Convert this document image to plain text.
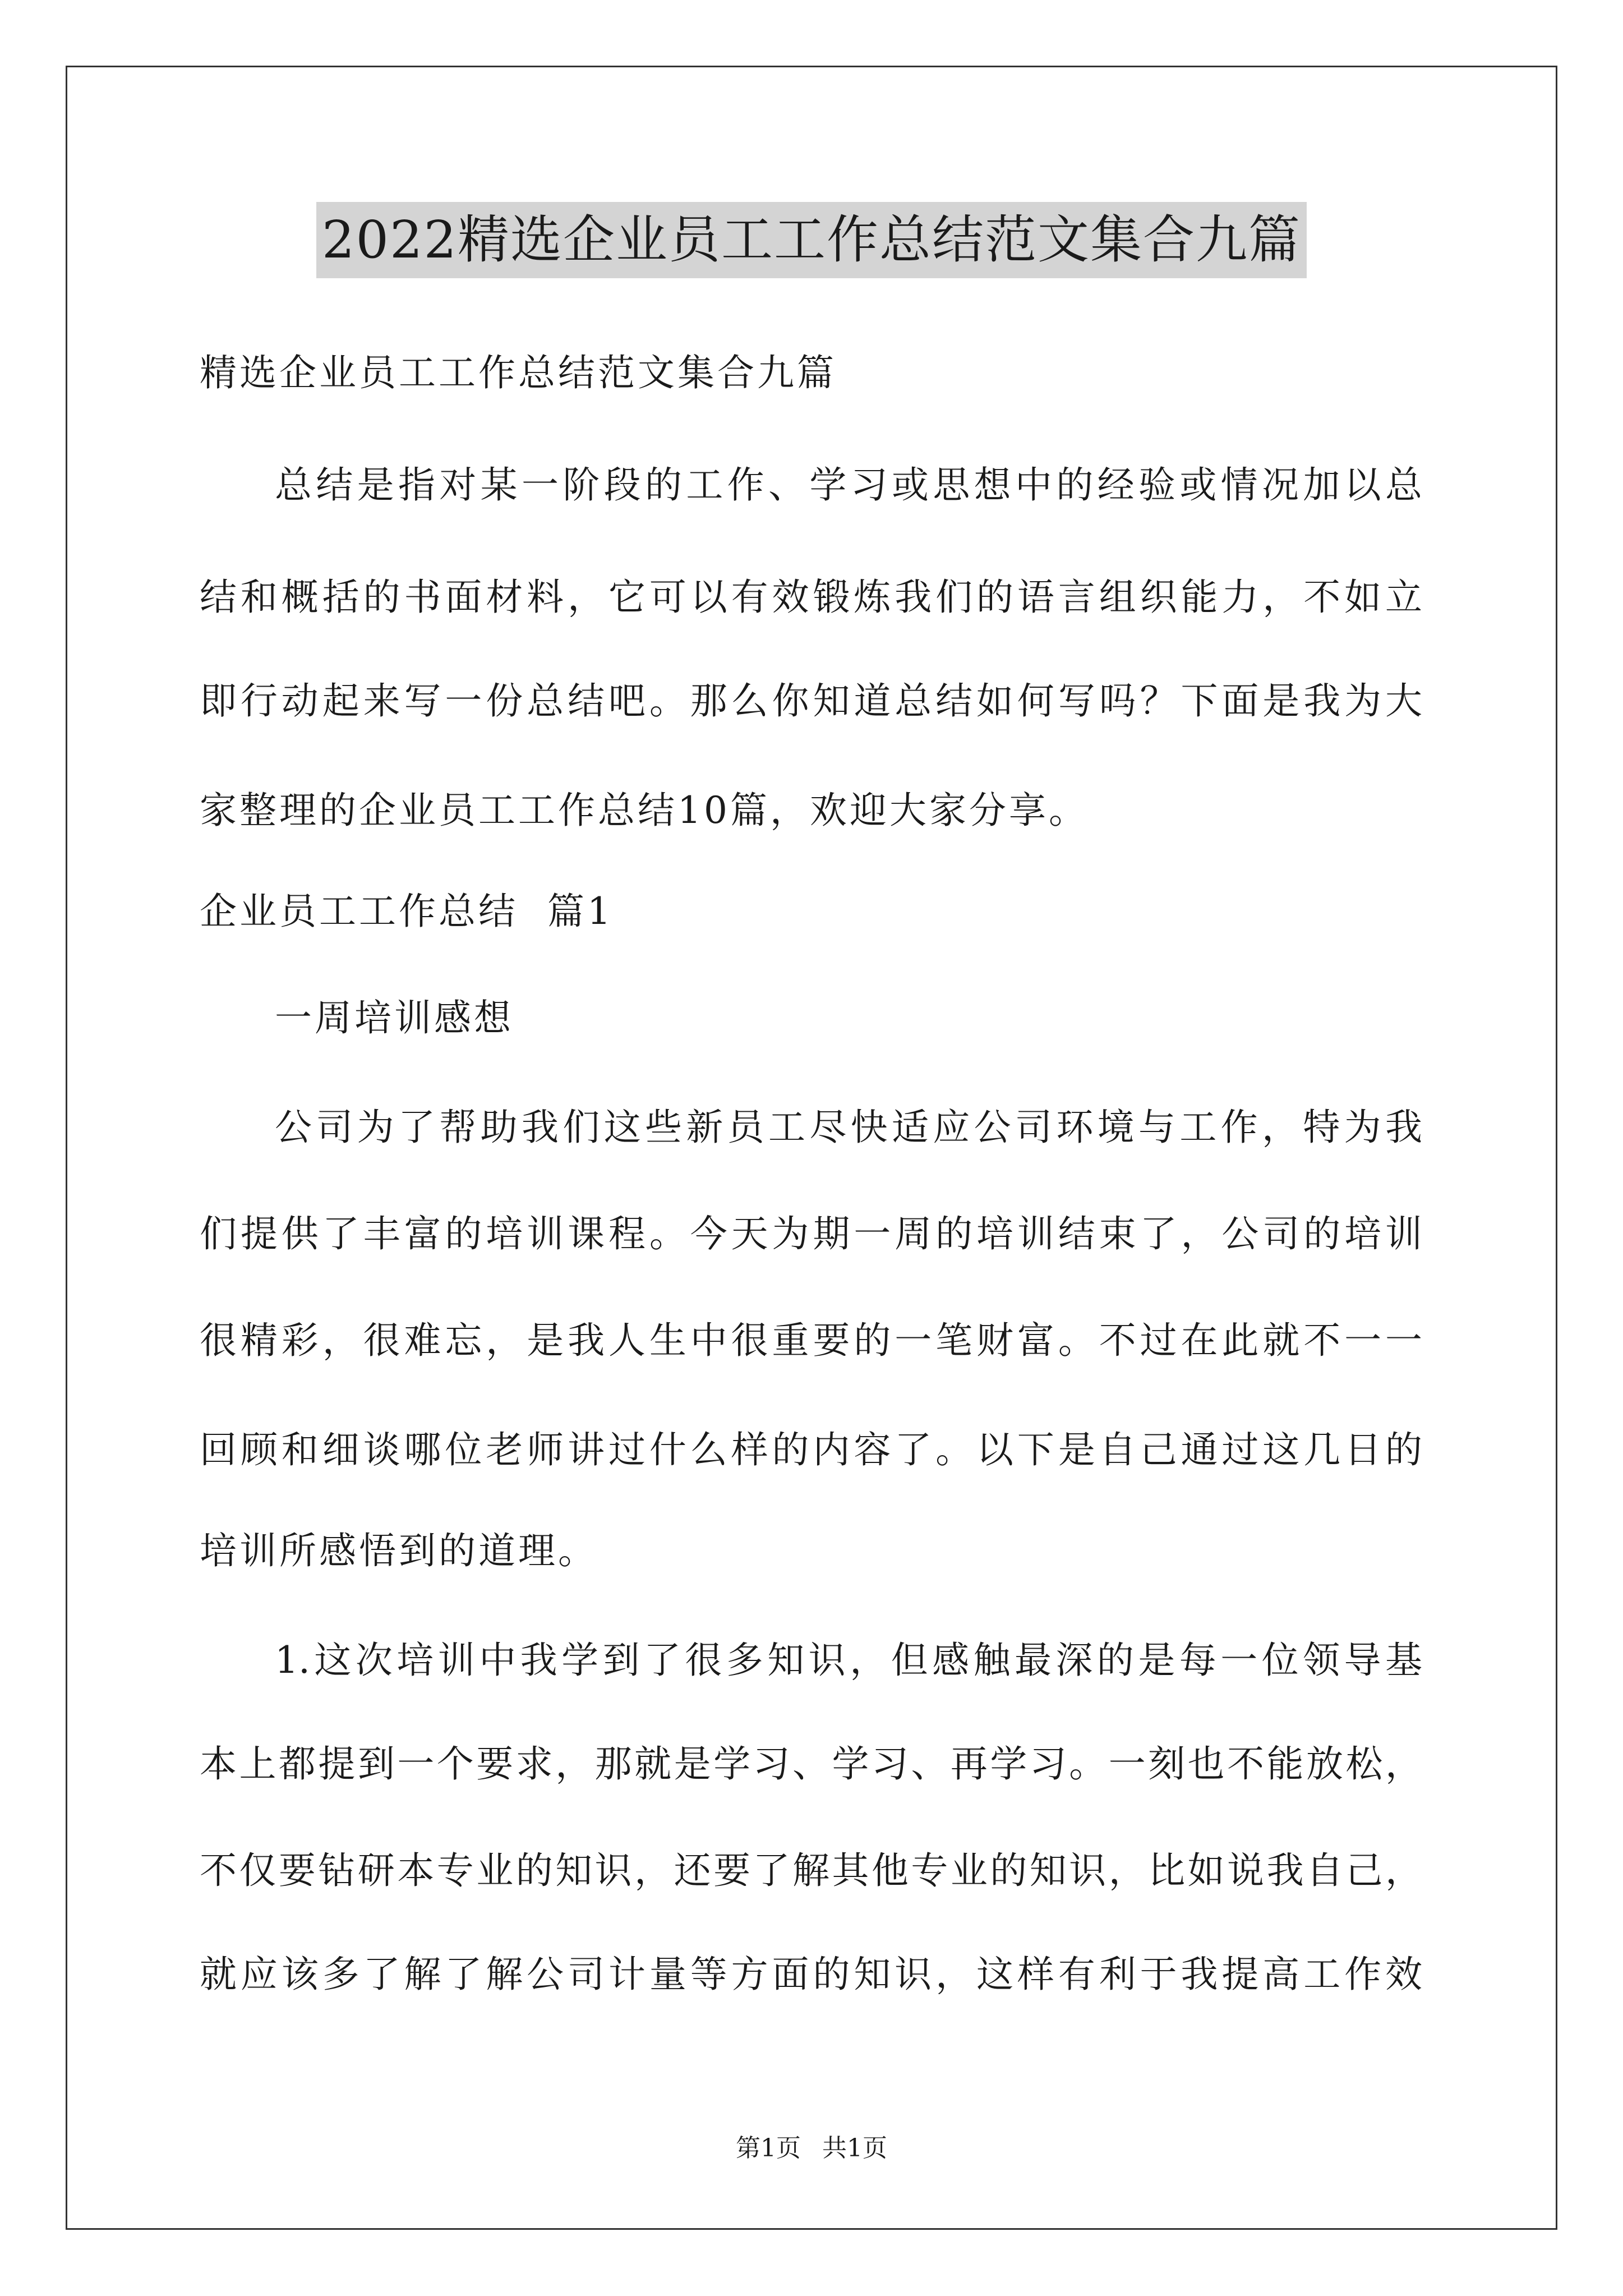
2022精选企业员工工作总结范文集合九篇
精选企业员工工作总结范文集合九篇
总结是指对某一阶段的工作、学习或思想中的经验或情况加以总
结和概括的书面材料，它可以有效锻炼我们的语言组织能力，不如立
即行动起来写一份总结吧。那么你知道总结如何写吗？下面是我为大
家整理的企业员工工作总结10篇，欢迎大家分享。
企业员工工作总结  篇1
一周培训感想
公司为了帮助我们这些新员工尽快适应公司环境与工作，特为我
们提供了丰富的培训课程。今天为期一周的培训结束了，公司的培训
很精彩，很难忘，是我人生中很重要的一笔财富。不过在此就不一一
回顾和细谈哪位老师讲过什么样的内容了。以下是自己通过这几日的
培训所感悟到的道理。
1.这次培训中我学到了很多知识，但感触最深的是每一位领导基
本上都提到一个要求，那就是学习、学习、再学习。一刻也不能放松，
不仅要钻研本专业的知识，还要了解其他专业的知识，比如说我自己，
就应该多了解了解公司计量等方面的知识，这样有利于我提高工作效
第1页 共1页
